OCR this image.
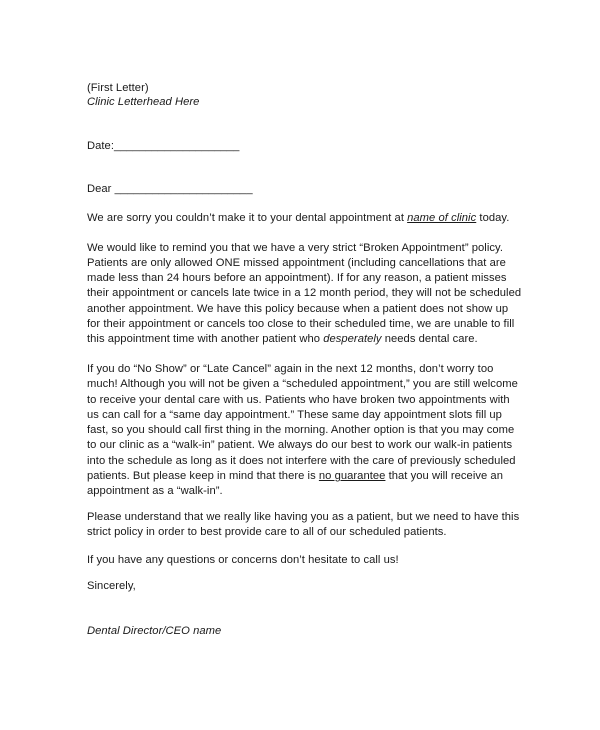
(First Letter)
Clinic Letterhead Here
Date:____________________
Dear ______________________
We are sorry you couldn’t make it to your dental appointment at name of clinic today.
We would like to remind you that we have a very strict “Broken Appointment” policy.
Patients are only allowed ONE missed appointment (including cancellations that are
made less than 24 hours before an appointment). If for any reason, a patient misses
their appointment or cancels late twice in a 12 month period, they will not be scheduled
another appointment. We have this policy because when a patient does not show up
for their appointment or cancels too close to their scheduled time, we are unable to fill
this appointment time with another patient who desperately needs dental care.
If you do “No Show” or “Late Cancel” again in the next 12 months, don’t worry too
much! Although you will not be given a “scheduled appointment,” you are still welcome
to receive your dental care with us. Patients who have broken two appointments with
us can call for a “same day appointment.” These same day appointment slots fill up
fast, so you should call first thing in the morning. Another option is that you may come
to our clinic as a “walk-in” patient. We always do our best to work our walk-in patients
into the schedule as long as it does not interfere with the care of previously scheduled
patients. But please keep in mind that there is no guarantee that you will receive an
appointment as a “walk-in”.
Please understand that we really like having you as a patient, but we need to have this
strict policy in order to best provide care to all of our scheduled patients.
If you have any questions or concerns don’t hesitate to call us!
Sincerely,
Dental Director/CEO name
